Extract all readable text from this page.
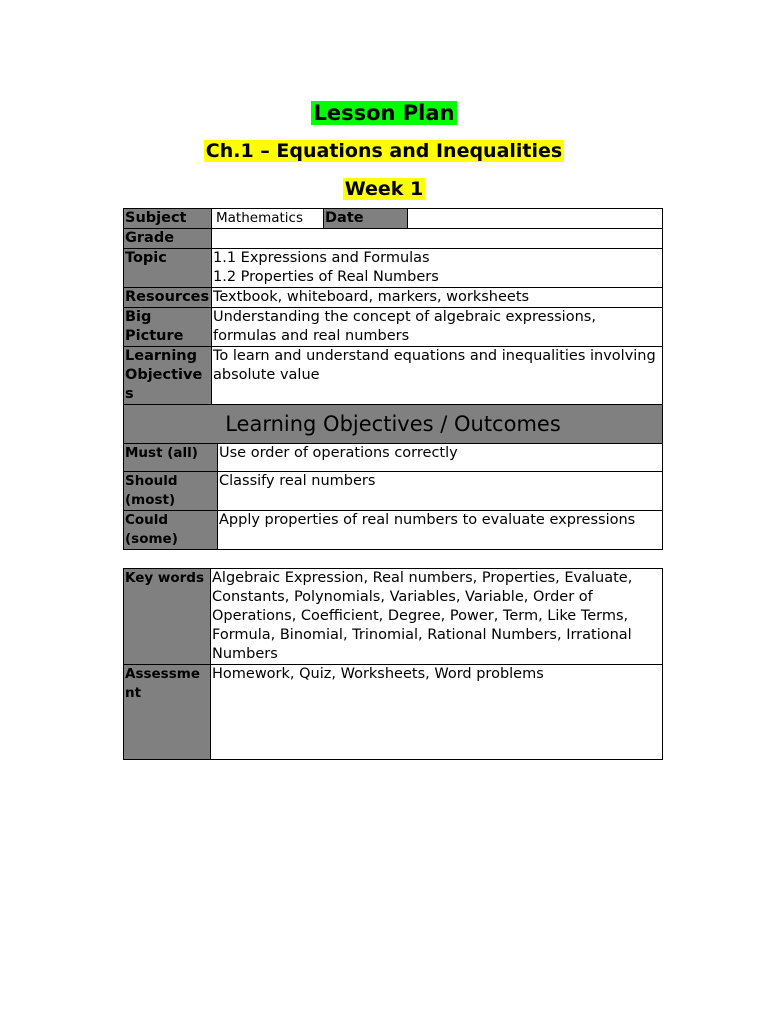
Lesson Plan
Ch.1 – Equations and Inequalities
Week 1
Subject	Mathematics	Date	
Grade			
Topic	1.1 Expressions and Formulas
1.2 Properties of Real Numbers		

Resources	Textbook, whiteboard, markers, worksheets		
Big Picture	Understanding the concept of algebraic expressions, formulas and real numbers		
Learning Objectives	To learn and understand equations and inequalities involving absolute value		
Learning Objectives / Outcomes	
Must (all)	Use order of operations correctly
Should (most)	Classify real numbers
Could (some)	Apply properties of real numbers to evaluate expressions
Key words	Algebraic Expression, Real numbers, Properties, Evaluate, Constants, Polynomials, Variables, Variable, Order of Operations, Coefficient, Degree, Power, Term, Like Terms, Formula, Binomial, Trinomial, Rational Numbers, Irrational Numbers
Assessment	Homework, Quiz, Worksheets, Word problems
